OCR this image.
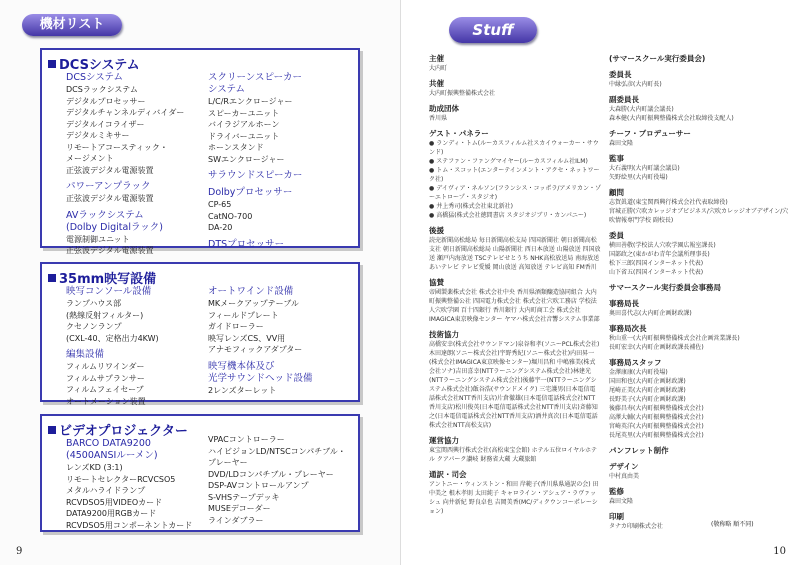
機材リスト
DCSシステム
DCSシステム
DCSラックシステム
デジタルプロセッサー
デジタルチャンネルディバイダー
デジタルイコライザー
デジタルミキサー
リモートアコースティック・
メージメント
正弦波デジタル電源装置
パワーアンプラック
正弦波デジタル電源装置
AVラックシステム
(Dolby Digitalラック)
電源制御ユニット
正弦波デジタル電源装置
スクリーンスピーカー
システム
L/C/Rエンクロージャー
スピーカーユニット
バイラジアルホーン
ドライバーユニット
ホーンスタンド
SWエンクロージャー
サラウンドスピーカー
Dolbyプロセッサー
CP-65
CatNO-700
DA-20
DTSプロセッサー
35mm映写設備
映写コンソール設備
ランプハウス部
(熱線反射フィルター)
クセノンランプ
(CXL-40、定格出力4KW)
編集設備
フィルムリワインダー
フィルムサプランサー
フィルムフェイセーブ
オートメーション装置
オートワインド設備
MKメークアップテーブル
フィールドプレート
ガイドローラー
映写レンズCS、VV用
アナモフィックアダプター
映写機本体及び
光学サウンドヘッド設備
2レンズターレット
ビデオプロジェクター
BARCO DATA9200
(4500ANSIルーメン)
レンズKD (3:1)
リモートセレクターRCVCSO5
メタルハライドランプ
RCVDSO5用VIDEOカード
DATA9200用RGBカード
RCVDSO5用コンポーネントカード
VPACコントローラー
ハイビジョンLD/NTSCコンパチブル・
プレーヤー
DVD/LDコンパチブル・プレーヤー
DSP-AVコントロールアンプ
S-VHSテープデッキ
MUSEデコーダー
ラインダブラー
9
Stuff
主催
大内町
共催
大内町振興整備株式会社
助成団体
香川県
ゲスト・パネラー
● ランディ・トム(ルーカスフィルム社スカイウォーカー・サウンド)
● ステファン・ファングマイヤー(ルーカスフィルム社ILM)
● トム・スコット(エンターテインメント・アクセ・ネットワーク社)
● デイヴィア・ネルソン(フランシス・コッポラ/アメリカン・ゾーエトロープ・スタジオ)
● 井上秀司(株式会社東北新社)
● 高橋猛(株式会社徳間書店 スタジオジブリ・カンパニー)
後援
読売新聞高松総局 毎日新聞高松支局 四国新聞社 朝日新聞高松支社 朝日新聞高松総局 山陽新聞社 西日本放送 山陽放送 四国放送 瀬戸内海放送 TSCテレビせとうち NHK高松放送局 南海放送 あいテレビ テレビ愛媛 岡山放送 高知放送 テレビ高知 FM香川
協賛
帝國製薬株式会社 株式会社中央 香川県酒類醸造協同組合 大内町振興整備公社 四国電力株式会社 株式会社穴吹工務店 学校法人穴吹学園 百十四銀行 香川銀行 大内町商工会 株式会社IMAGICA東京映像センター ヤマハ株式会社音響システム事業部
技術協力
高橋安幸(株式会社サウンドマン)泉谷和孝(ソニーPCL株式会社)木田達朗(ソニー株式会社)宇野秀紀(ソニー株式会社)内田昇一(株式会社IMAGICA東京映像センター)堀川昌和 中嶋雅美(株式会社ソナ)吉田喜幸(NTTラーニングシステム株式会社)林建光(NTTラーニングシステム株式会社)後藤宇一(NTTラーニングシステム株式会社)飯谷浩(サウンドメイク) 三宅護男(日本電信電話株式会社NTT香川支店)片倉徹雄(日本電信電話株式会社NTT香川支店)松川俊英(日本電信電話株式会社NTT香川支店)斉藤知之(日本電信電話株式会社NTT香川支店)酒井真次(日本電信電話株式会社NTT高松支店)
運営協力
東宝関西興行株式会社(高松東宝会館) ホテル五位ロイヤルホテル クアパーク讃岐 財務省大蔵 大蔵旅館
通訳・司会
アントニー・ウィンストン・和田 岸範子(香川県県通訳の会) 田中美之 根木孝則 太田純子 キャロライン・アシュア・ラヴァッシュ 向井新紀 野良卓也 吉岡美香(MC/ディクウンコーポレーション)
(サマースクール実行委員会)
委員長
中縁弘彦(大内町長)
副委員長
大森勝(大内町議会議長)
森本健(大内町振興整備株式会社取締役支配人)
チーフ・プロデューサー
森田文隆
監事
大石義明(大内町議会議員)
矢野絵里(大内町役場)
顧問
志賀眞道(東宝関西興行株式会社代表取締役)
宮城正勝(穴吹カレッジオブビジネス/穴吹カレッジオブデザイン/穴吹情報専門学校 副校長)
委員
横田善敬(学校法人穴吹学園広報室課長)
国部政之(東かがわ青年会議所理事長)
松下三郎(四国インターネット代表)
山下省五(四国インターネット代表)
サマースクール実行委員会事務局
事務局長
奥田喜代志(大内町企画財政課)
事務局次長
秋山重一(大内町振興整備株式会社企画営業課長)
長町宏幸(大内町企画財政課長補佐)
事務局スタッフ
金澤康康(大内町役場)
国田和也(大内町企画財政課)
尾崎正美(大内町企画財政課)
長野美子(大内町企画財政課)
後藤昌寿(大内町振興整備株式会社)
高澤大輔(大内町振興整備株式会社)
宮崎英洋(大内町振興整備株式会社)
長尾英里(大内町振興整備株式会社)
パンフレット制作
デザイン
中村真由美
監修
森田文隆
印刷
タナカ印刷株式会社	(敬称略 順不同)
10
